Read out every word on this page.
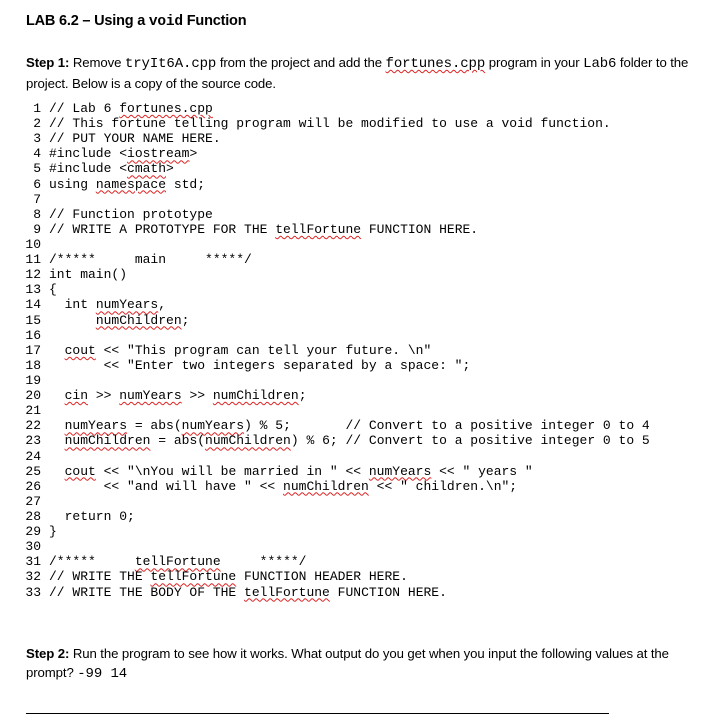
LAB 6.2 – Using a void Function
Step 1: Remove tryIt6A.cpp from the project and add the fortunes.cpp program in your Lab6 folder to the project. Below is a copy of the source code.
1 // Lab 6 fortunes.cpp
2 // This fortune telling program will be modified to use a void function.
3 // PUT YOUR NAME HERE.
4 #include <iostream>
5 #include <cmath>
6 using namespace std;
7
8 // Function prototype
9 // WRITE A PROTOTYPE FOR THE tellFortune FUNCTION HERE.
10
11 /*****     main     *****/
12 int main()
13 {
14  int numYears,
15	numChildren;
16
17 cout << "This program can tell your future. \n"
18       << "Enter two integers separated by a space: ";
19
20 cin >> numYears >> numChildren;
21
22 numYears = abs(numYears) % 5;       // Convert to a positive integer 0 to 4
23 numChildren = abs(numChildren) % 6; // Convert to a positive integer 0 to 5
24
25 cout << "\nYou will be married in " << numYears << " years "
26       << "and will have " << numChildren << " children.\n";
27
28  return 0;
29 }
30
31 /*****     tellFortune     *****/
32 // WRITE THE tellFortune FUNCTION HEADER HERE.
33 // WRITE THE BODY OF THE tellFortune FUNCTION HERE.
Step 2: Run the program to see how it works. What output do you get when you input the following values at the prompt? -99 14
